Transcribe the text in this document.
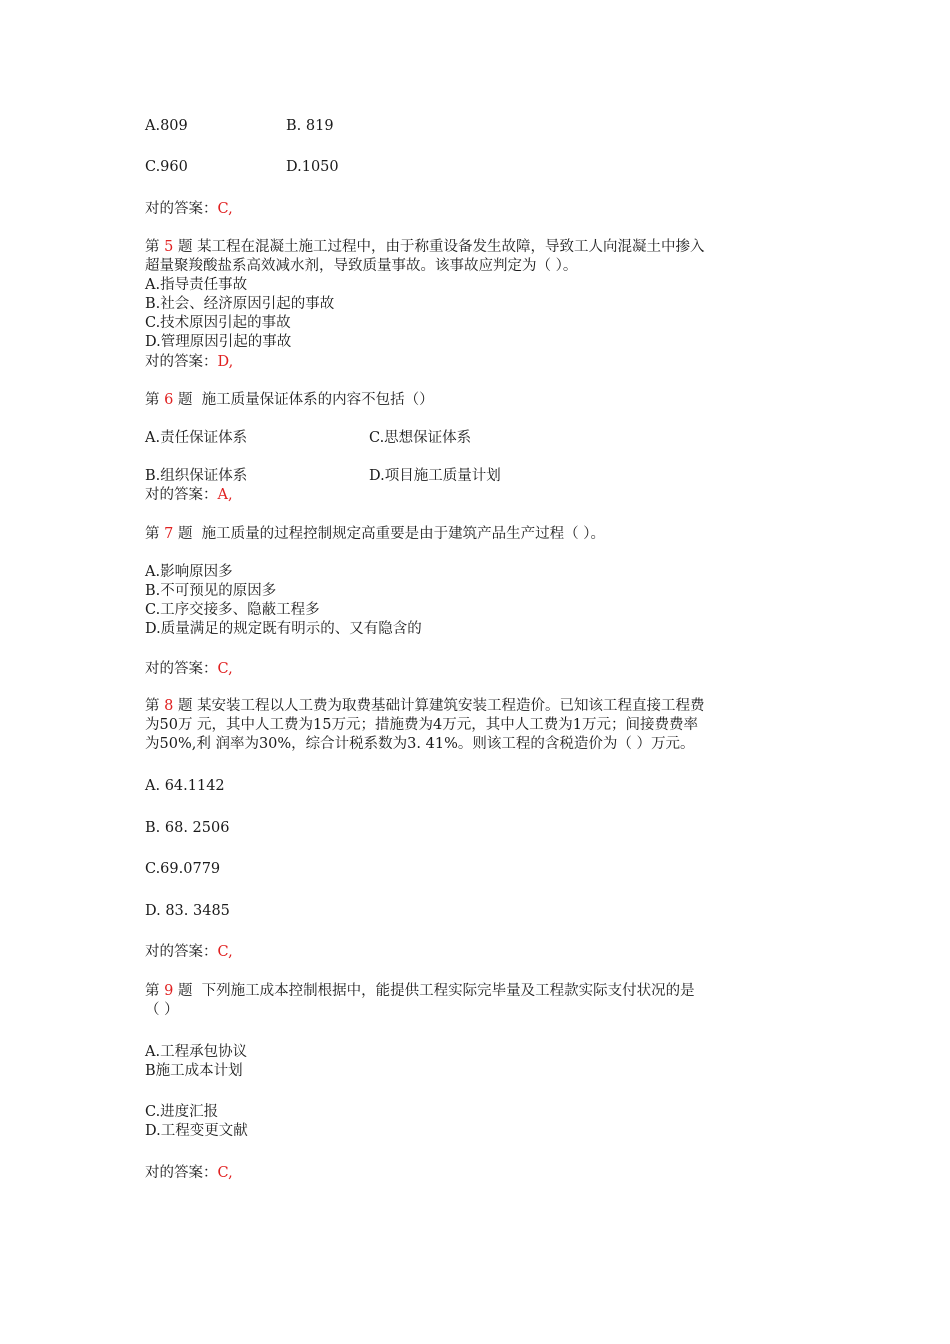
A.809	B. 819
C.960	D.1050
对的答案：C,
第 5 题 某工程在混凝土施工过程中，由于称重设备发生故障，导致工人向混凝土中掺入
超量聚羧酸盐系高效减水剂，导致质量事故。该事故应判定为（ ）。
A.指导责任事故
B.社会、经济原因引起的事故
C.技术原因引起的事故
D.管理原因引起的事故
对的答案：D,
第 6 题 施工质量保证体系的内容不包括（）
A.责任保证体系	C.思想保证体系
B.组织保证体系	D.项目施工质量计划
对的答案：A,
第 7 题 施工质量的过程控制规定高重要是由于建筑产品生产过程（ ）。
A.影响原因多
B.不可预见的原因多
C.工序交接多、隐蔽工程多
D.质量满足的规定既有明示的、又有隐含的
对的答案：C,
第 8 题 某安装工程以人工费为取费基础计算建筑安装工程造价。已知该工程直接工程费
为50万 元，其中人工费为15万元；措施费为4万元，其中人工费为1万元；间接费费率
为50%,利 润率为30%，综合计税系数为3. 41%。则该工程的含税造价为（ ）万元。
A. 64.1142
B. 68. 2506
C.69.0779
D. 83. 3485
对的答案：C,
第 9 题 下列施工成本控制根据中，能提供工程实际完毕量及工程款实际支付状况的是
（ ）
A.工程承包协议
B施工成本计划
C.进度汇报
D.工程变更文献
对的答案：C,
